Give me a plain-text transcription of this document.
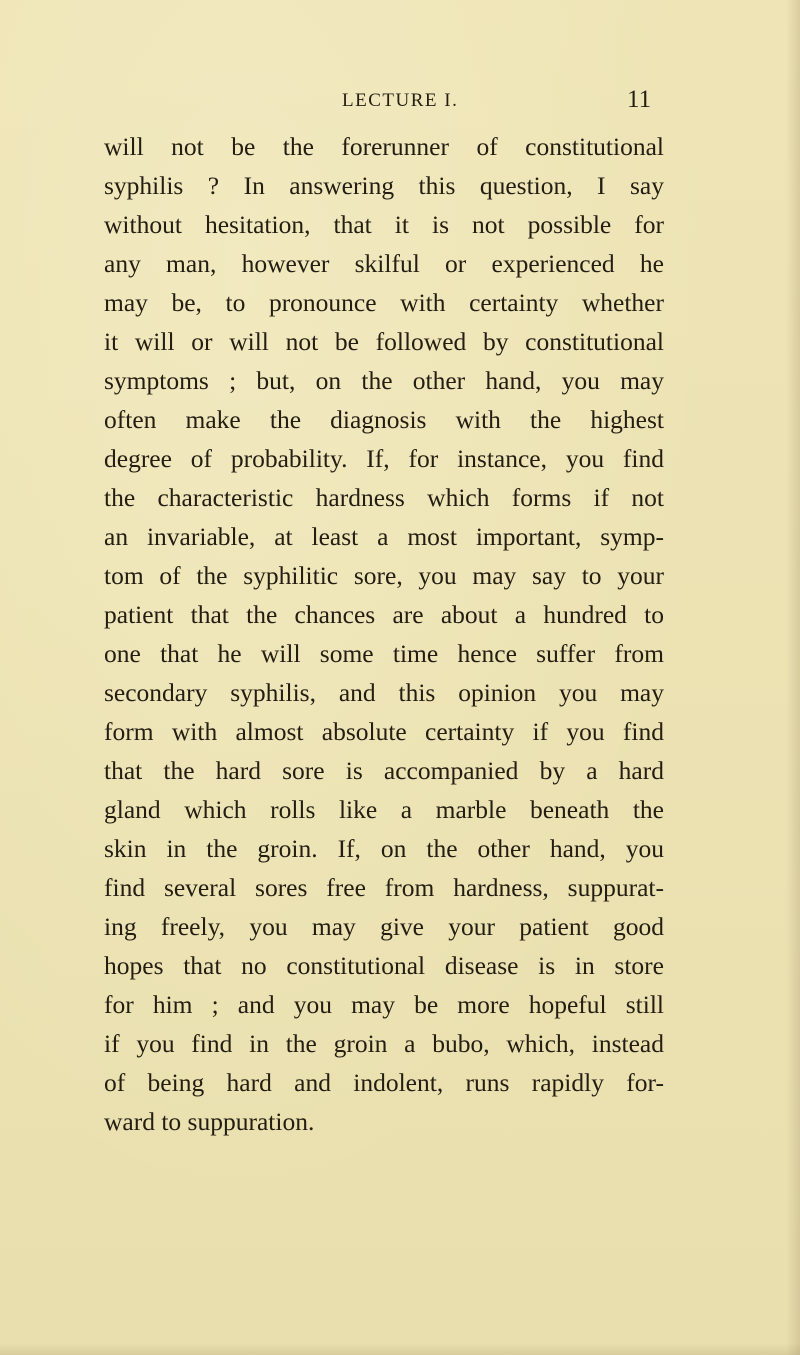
LECTURE I.	11
will not be the forerunner of constitutional
syphilis ? In answering this question, I say
without hesitation, that it is not possible for
any man, however skilful or experienced he
may be, to pronounce with certainty whether
it will or will not be followed by constitutional
symptoms ; but, on the other hand, you may
often make the diagnosis with the highest
degree of probability. If, for instance, you find
the characteristic hardness which forms if not
an invariable, at least a most important, symp-
tom of the syphilitic sore, you may say to your
patient that the chances are about a hundred to
one that he will some time hence suffer from
secondary syphilis, and this opinion you may
form with almost absolute certainty if you find
that the hard sore is accompanied by a hard
gland which rolls like a marble beneath the
skin in the groin. If, on the other hand, you
find several sores free from hardness, suppurat-
ing freely, you may give your patient good
hopes that no constitutional disease is in store
for him ; and you may be more hopeful still
if you find in the groin a bubo, which, instead
of being hard and indolent, runs rapidly for-
ward to suppuration.
